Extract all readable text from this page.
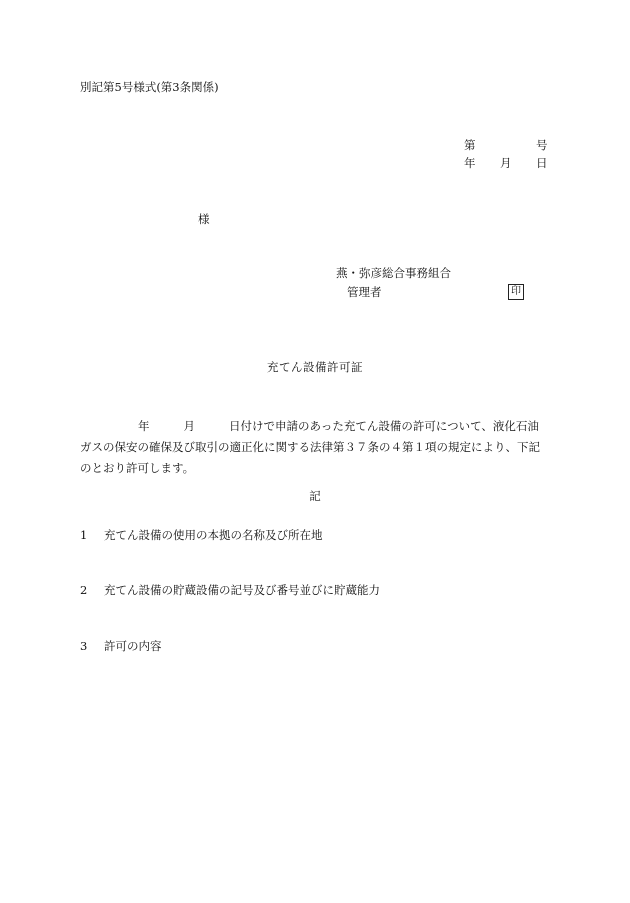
別記第5号様式(第3条関係)
第	号
年 月 日
様
燕・弥彦総合事務組合
管理者	印
充てん設備許可証
年	月	日付けで申請のあった充てん設備の許可について、液化石油
ガスの保安の確保及び取引の適正化に関する法律第３７条の４第１項の規定により、下記
のとおり許可します。
記
1 充てん設備の使用の本拠の名称及び所在地
2 充てん設備の貯蔵設備の記号及び番号並びに貯蔵能力
3 許可の内容
